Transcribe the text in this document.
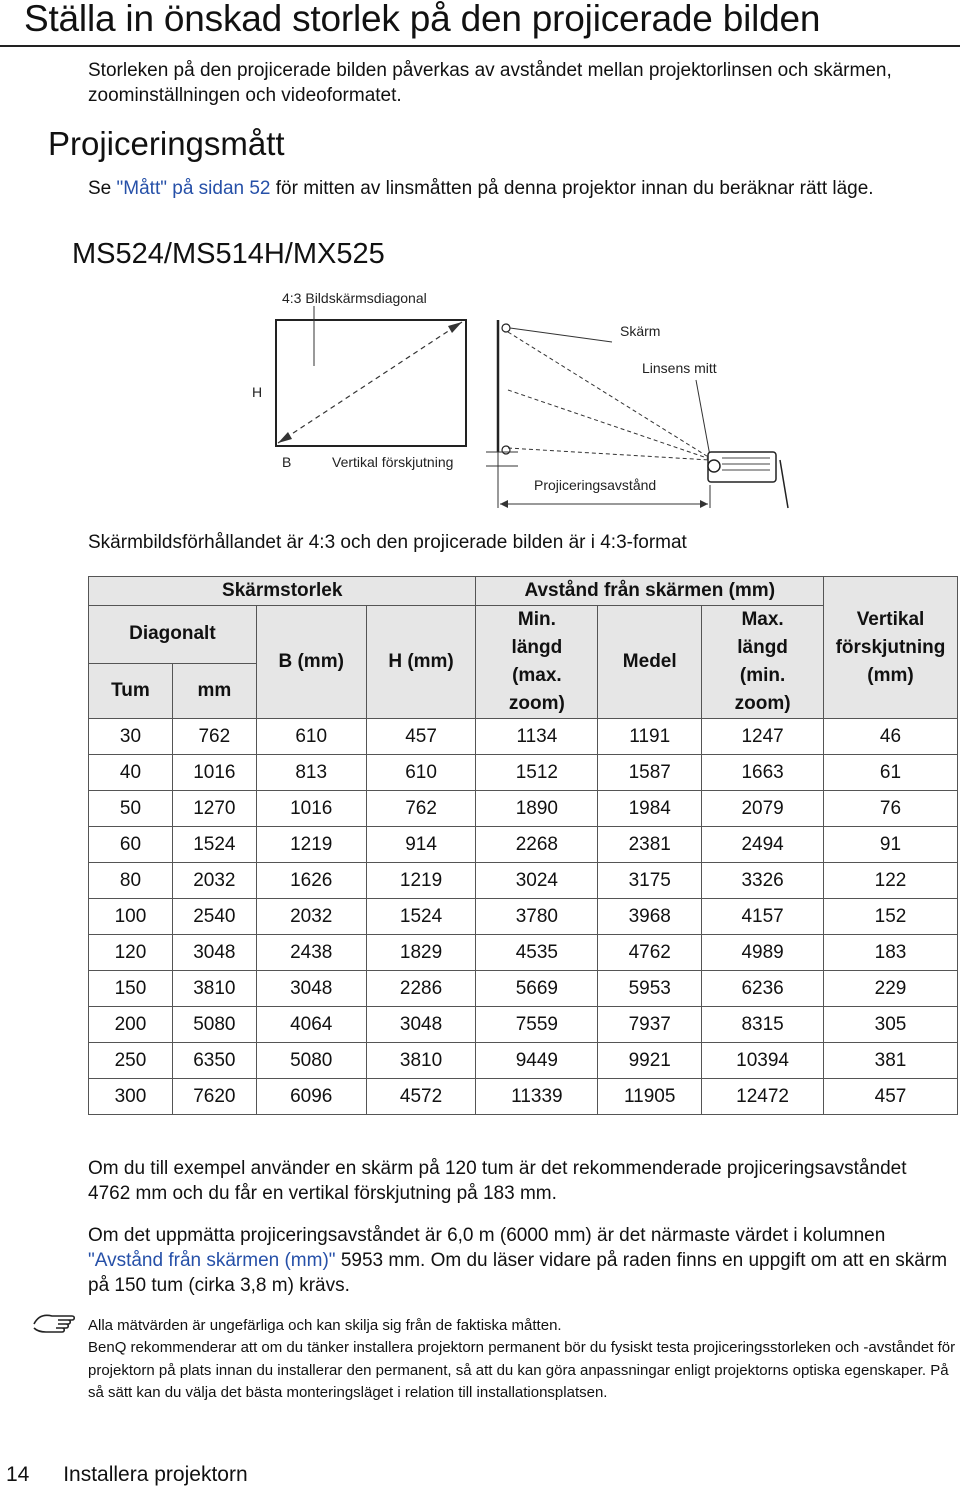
Ställa in önskad storlek på den projicerade bilden

Storleken på den projicerade bilden påverkas av avståndet mellan projektorlinsen och skärmen, zoominställningen och videoformatet.

Projiceringsmått

Se "Mått" på sidan 52 för mitten av linsmåtten på denna projektor innan du beräknar rätt läge.

MS524/MS514H/MX525
4:3 Bildskärmsdiagonal
H
B
Skärm
Linsens mitt
Vertikal förskjutning
Projiceringsavstånd
Skärmbildsförhållandet är 4:3 och den projicerade bilden är i 4:3-format
Skärmstorlek				Avstånd från skärmen (mm)			Vertikal
förskjutning
(mm)
Diagonalt		B (mm)	H (mm)	Min.
längd
(max.
zoom)	Medel	Max.
längd
(min.
zoom)	
Tum	mm						
30	762	610	457	1134	1191	1247	46
40	1016	813	610	1512	1587	1663	61
50	1270	1016	762	1890	1984	2079	76
60	1524	1219	914	2268	2381	2494	91
80	2032	1626	1219	3024	3175	3326	122
100	2540	2032	1524	3780	3968	4157	152
120	3048	2438	1829	4535	4762	4989	183
150	3810	3048	2286	5669	5953	6236	229
200	5080	4064	3048	7559	7937	8315	305
250	6350	5080	3810	9449	9921	10394	381
300	7620	6096	4572	11339	11905	12472	457

Om du till exempel använder en skärm på 120 tum är det rekommenderade projiceringsavståndet 4762 mm och du får en vertikal förskjutning på 183 mm.

Om det uppmätta projiceringsavståndet är 6,0 m (6000 mm) är det närmaste värdet i kolumnen "Avstånd från skärmen (mm)" 5953 mm. Om du läser vidare på raden finns en uppgift om att en skärm på 150 tum (cirka 3,8 m) krävs.

Alla mätvärden är ungefärliga och kan skilja sig från de faktiska måtten.
BenQ rekommenderar att om du tänker installera projektorn permanent bör du fysiskt testa projiceringsstorleken och -avståndet för projektorn på plats innan du installerar den permanent, så att du kan göra anpassningar enligt projektorns optiska egenskaper. På så sätt kan du välja det bästa monteringsläget i relation till installationsplatsen.
14 Installera projektorn
